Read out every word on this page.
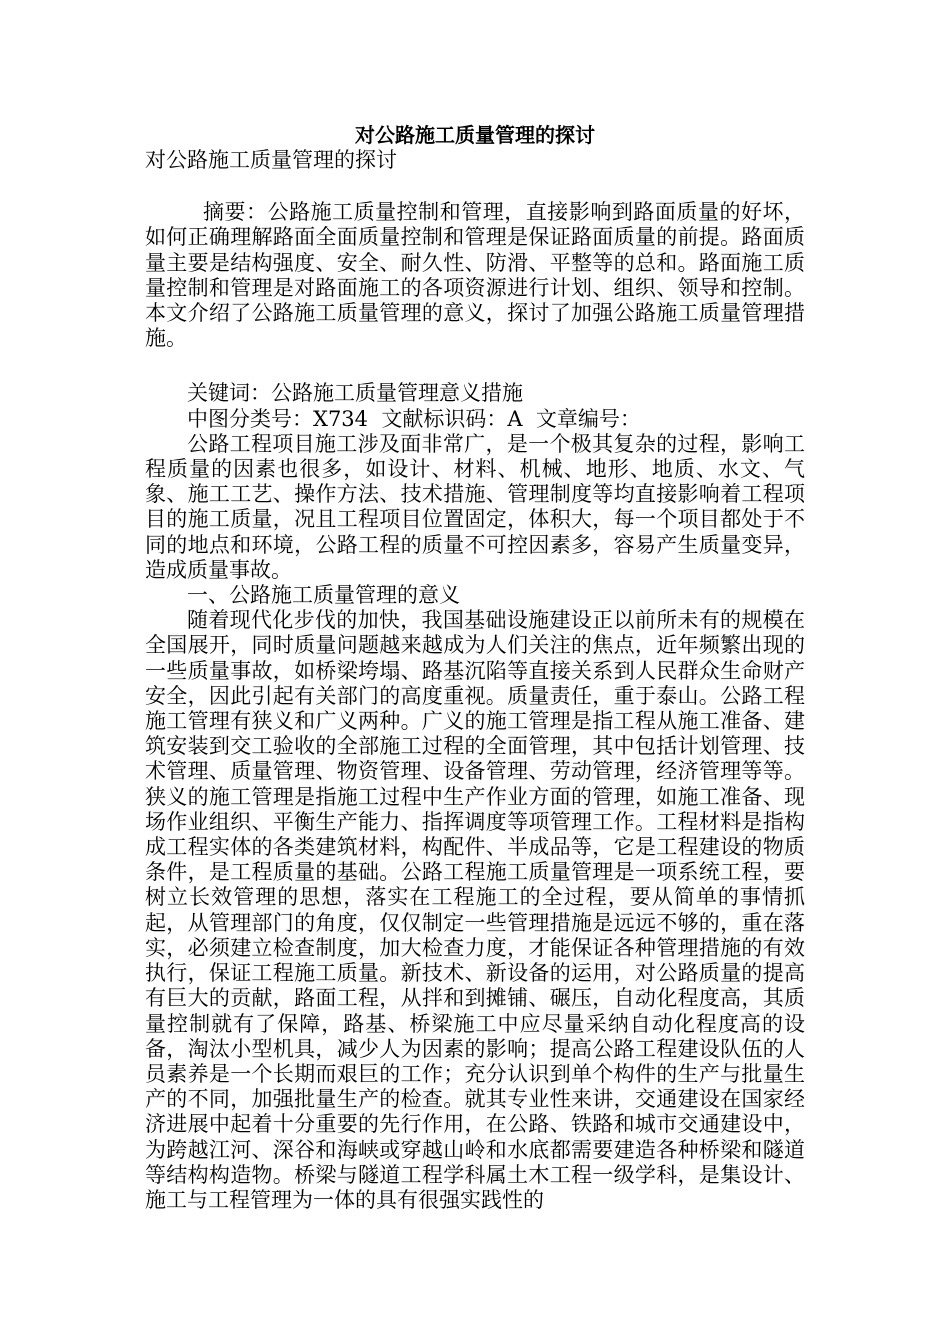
对公路施工质量管理的探讨

对公路施工质量管理的探讨

摘要：公路施工质量控制和管理，直接影响到路面质量的好坏，如何正确理解路面全面质量控制和管理是保证路面质量的前提。路面质量主要是结构强度、安全、耐久性、防滑、平整等的总和。路面施工质量控制和管理是对路面施工的各项资源进行计划、组织、领导和控制。本文介绍了公路施工质量管理的意义，探讨了加强公路施工质量管理措施。

关键词：公路施工质量管理意义措施

中图分类号：X734  文献标识码：A  文章编号：

公路工程项目施工涉及面非常广，是一个极其复杂的过程，影响工程质量的因素也很多，如设计、材料、机械、地形、地质、水文、气象、施工工艺、操作方法、技术措施、管理制度等均直接影响着工程项目的施工质量，况且工程项目位置固定，体积大，每一个项目都处于不同的地点和环境，公路工程的质量不可控因素多，容易产生质量变异，造成质量事故。

一、公路施工质量管理的意义

随着现代化步伐的加快，我国基础设施建设正以前所未有的规模在全国展开，同时质量问题越来越成为人们关注的焦点，近年频繁出现的一些质量事故，如桥梁垮塌、路基沉陷等直接关系到人民群众生命财产安全，因此引起有关部门的高度重视。质量责任，重于泰山。公路工程施工管理有狭义和广义两种。广义的施工管理是指工程从施工准备、建筑安装到交工验收的全部施工过程的全面管理，其中包括计划管理、技术管理、质量管理、物资管理、设备管理、劳动管理，经济管理等等。狭义的施工管理是指施工过程中生产作业方面的管理，如施工准备、现场作业组织、平衡生产能力、指挥调度等项管理工作。工程材料是指构成工程实体的各类建筑材料，构配件、半成品等，它是工程建设的物质条件，是工程质量的基础。公路工程施工质量管理是一项系统工程，要树立长效管理的思想，落实在工程施工的全过程，要从简单的事情抓起，从管理部门的角度，仅仅制定一些管理措施是远远不够的，重在落实，必须建立检查制度，加大检查力度，才能保证各种管理措施的有效执行，保证工程施工质量。新技术、新设备的运用，对公路质量的提高有巨大的贡献，路面工程，从拌和到摊铺、碾压，自动化程度高，其质量控制就有了保障，路基、桥梁施工中应尽量采纳自动化程度高的设备，淘汰小型机具，减少人为因素的影响；提高公路工程建设队伍的人员素养是一个长期而艰巨的工作；充分认识到单个构件的生产与批量生产的不同，加强批量生产的检查。就其专业性来讲，交通建设在国家经济进展中起着十分重要的先行作用，在公路、铁路和城市交通建设中，为跨越江河、深谷和海峡或穿越山岭和水底都需要建造各种桥梁和隧道等结构构造物。桥梁与隧道工程学科属土木工程一级学科，是集设计、施工与工程管理为一体的具有很强实践性的
